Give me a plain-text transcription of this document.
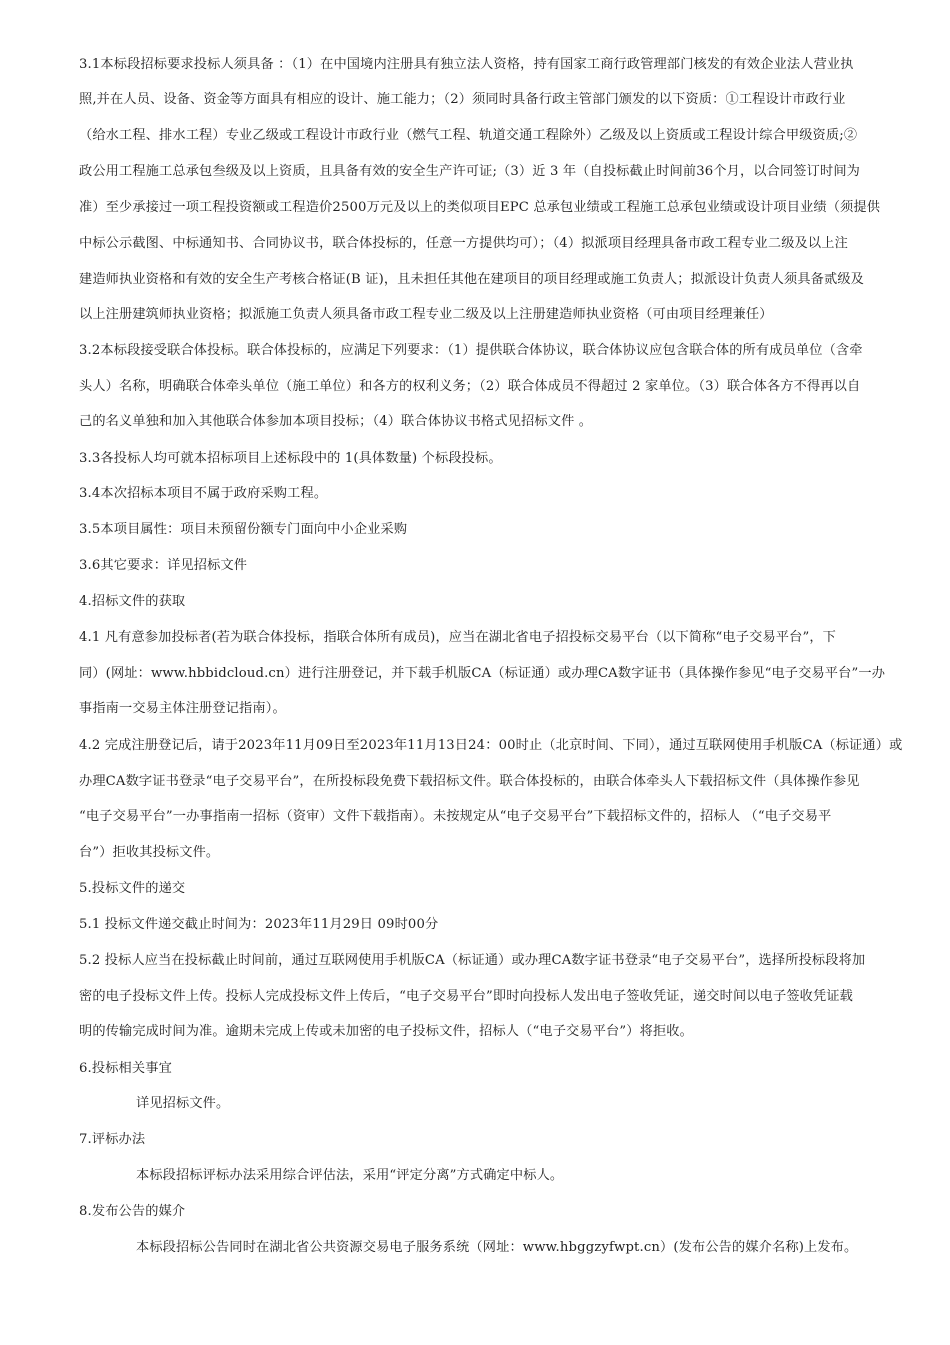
3.1本标段招标要求投标人须具备 ：（1）在中国境内注册具有独立法人资格，持有国家工商行政管理部门核发的有效企业法人营业执
照,并在人员、设备、资金等方面具有相应的设计、施工能力；（2）须同时具备行政主管部门颁发的以下资质：①工程设计市政行业
（给水工程、排水工程）专业乙级或工程设计市政行业（燃气工程、轨道交通工程除外）乙级及以上资质或工程设计综合甲级资质;②
政公用工程施工总承包叁级及以上资质，且具备有效的安全生产许可证;（3）近 3 年（自投标截止时间前36个月，以合同签订时间为
准）至少承接过一项工程投资额或工程造价2500万元及以上的类似项目EPC 总承包业绩或工程施工总承包业绩或设计项目业绩（须提供
中标公示截图、中标通知书、合同协议书，联合体投标的，任意一方提供均可）；（4）拟派项目经理具备市政工程专业二级及以上注
建造师执业资格和有效的安全生产考核合格证(B 证)，且未担任其他在建项目的项目经理或施工负责人；拟派设计负责人须具备贰级及
以上注册建筑师执业资格；拟派施工负责人须具备市政工程专业二级及以上注册建造师执业资格（可由项目经理兼任）
3.2本标段接受联合体投标。联合体投标的，应满足下列要求：（1）提供联合体协议，联合体协议应包含联合体的所有成员单位（含牵
头人）名称，明确联合体牵头单位（施工单位）和各方的权利义务；（2）联合体成员不得超过 2 家单位。（3）联合体各方不得再以自
己的名义单独和加入其他联合体参加本项目投标；（4）联合体协议书格式见招标文件 。
3.3各投标人均可就本招标项目上述标段中的 1(具体数量) 个标段投标。
3.4本次招标本项目不属于政府采购工程。
3.5本项目属性：项目未预留份额专门面向中小企业采购
3.6其它要求：详见招标文件
4.招标文件的获取
4.1 凡有意参加投标者(若为联合体投标，指联合体所有成员)，应当在湖北省电子招投标交易平台（以下简称“电子交易平台”，下
同）(网址：www.hbbidcloud.cn）进行注册登记，并下载手机版CA（标证通）或办理CA数字证书（具体操作参见“电子交易平台”一办
事指南一交易主体注册登记指南）。
4.2 完成注册登记后，请于2023年11月09日至2023年11月13日24：00时止（北京时间、下同），通过互联网使用手机版CA（标证通）或
办理CA数字证书登录“电子交易平台”，在所投标段免费下载招标文件。联合体投标的，由联合体牵头人下载招标文件（具体操作参见
“电子交易平台”一办事指南一招标（资审）文件下载指南）。未按规定从“电子交易平台”下载招标文件的，招标人 （“电子交易平
台”）拒收其投标文件。
5.投标文件的递交
5.1 投标文件递交截止时间为：2023年11月29日 09时00分
5.2 投标人应当在投标截止时间前，通过互联网使用手机版CA（标证通）或办理CA数字证书登录“电子交易平台”，选择所投标段将加
密的电子投标文件上传。投标人完成投标文件上传后，“电子交易平台”即时向投标人发出电子签收凭证，递交时间以电子签收凭证载
明的传输完成时间为准。逾期未完成上传或未加密的电子投标文件，招标人（“电子交易平台”）将拒收。
6.投标相关事宜
详见招标文件。
7.评标办法
本标段招标评标办法采用综合评估法，采用“评定分离”方式确定中标人。
8.发布公告的媒介
本标段招标公告同时在湖北省公共资源交易电子服务系统（网址：www.hbggzyfwpt.cn）(发布公告的媒介名称)上发布。
